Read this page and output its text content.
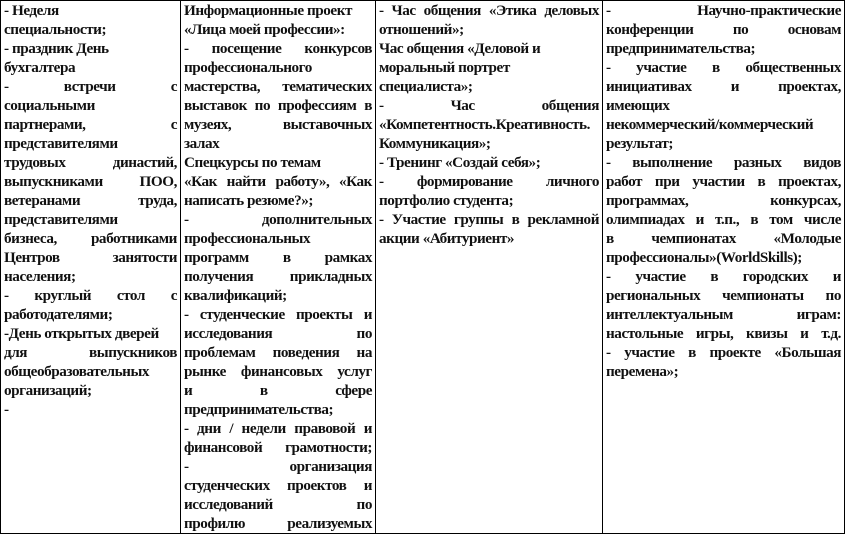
- Неделя
специальности;
- праздник День
бухгалтера
- встречи с
социальными
партнерами, с
представителями
трудовых династий,
выпускниками ПОО,
ветеранами труда,
представителями
бизнеса, работниками
Центров занятости
населения;
- круглый стол с
работодателями;
-День открытых дверей
для выпускников
общеобразовательных
организаций;
-

Информационные проект
«Лица моей профессии»:
- посещение конкурсов
профессионального
мастерства, тематических
выставок по профессиям в
музеях, выставочных
залах
Спецкурсы по темам
«Как найти работу», «Как
написать резюме?»;
- дополнительных
профессиональных
программ в рамках
получения прикладных
квалификаций;
- студенческие проекты и
исследования по
проблемам поведения на
рынке финансовых услуг
и в сфере
предпринимательства;
- дни / недели правовой и
финансовой грамотности;
- организация
студенческих проектов и
исследований по
профилю реализуемых

- Час общения «Этика деловых
отношений»;
Час общения «Деловой и
моральный портрет
специалиста»;
- Час общения
«Компетентность.Креативность.
Коммуникация»;
- Тренинг «Создай себя»;
- формирование личного
портфолио студента;
- Участие группы в рекламной
акции «Абитуриент»

- Научно-практические
конференции по основам
предпринимательства;
- участие в общественных
инициативах и проектах,
имеющих
некоммерческий/коммерческий
результат;
- выполнение разных видов
работ при участии в проектах,
программах, конкурсах,
олимпиадах и т.п., в том числе
в чемпионатах «Молодые
профессионалы»(WorldSkills);
- участие в городских и
региональных чемпионаты по
интеллектуальным играм:
настольные игры, квизы и т.д.
- участие в проекте «Большая
перемена»;
